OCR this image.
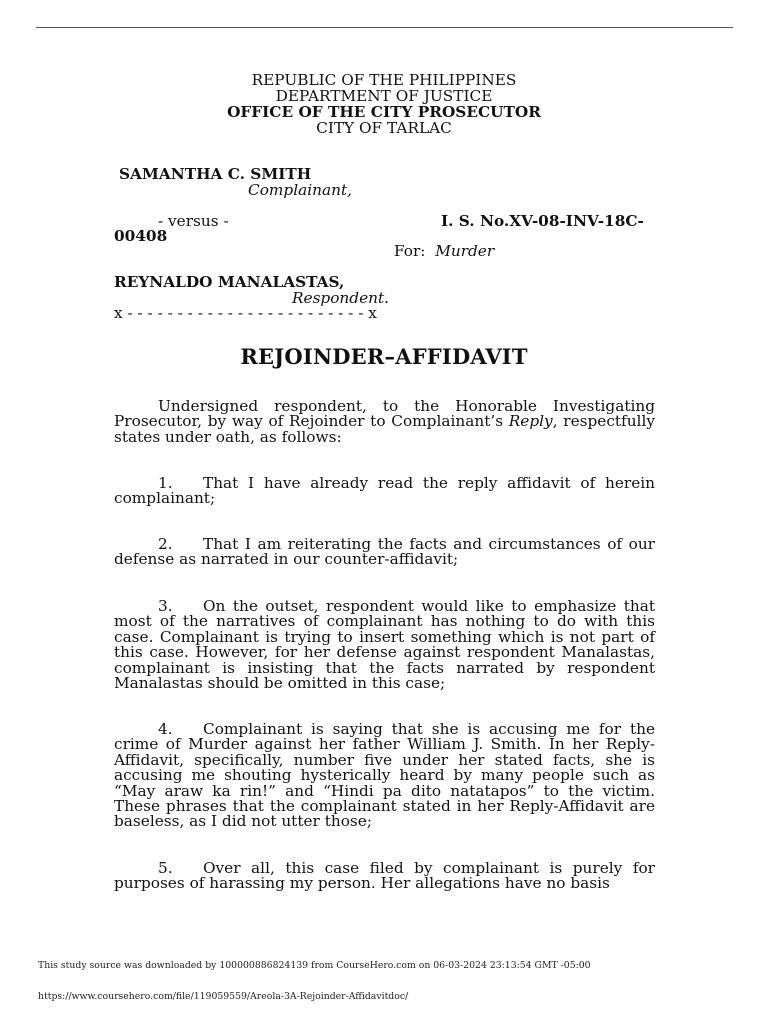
REPUBLIC OF THE PHILIPPINES
DEPARTMENT OF JUSTICE
OFFICE OF THE CITY PROSECUTOR
CITY OF TARLAC
SAMANTHA C. SMITH
Complainant,
- versus -	I. S. No.XV-08-INV-18C-
00408
For: Murder
REYNALDO MANALASTAS,
Respondent.
x - - - - - - - - - - - - - - - - - - - - - - - - x
REJOINDER–AFFIDAVIT

Undersigned respondent, to the Honorable Investigating Prosecutor, by way of Rejoinder to Complainant’s Reply, respectfully states under oath, as follows:

1. That I have already read the reply affidavit of herein complainant;

2. That I am reiterating the facts and circumstances of our defense as narrated in our counter-affidavit;

3. On the outset, respondent would like to emphasize that most of the narratives of complainant has nothing to do with this case. Complainant is trying to insert something which is not part of this case. However, for her defense against respondent Manalastas, complainant is insisting that the facts narrated by respondent Manalastas should be omitted in this case;

4. Complainant is saying that she is accusing me for the crime of Murder against her father William J. Smith. In her Reply-Affidavit, specifically, number five under her stated facts, she is accusing me shouting hysterically heard by many people such as “May araw ka rin!” and “Hindi pa dito natatapos” to the victim. These phrases that the complainant stated in her Reply-Affidavit are baseless, as I did not utter those;

5. Over all, this case filed by complainant is purely for purposes of harassing my person. Her allegations have no basis

This study source was downloaded by 100000886824139 from CourseHero.com on 06-03-2024 23:13:54 GMT -05:00
https://www.coursehero.com/file/119059559/Areola-3A-Rejoinder-Affidavitdoc/
